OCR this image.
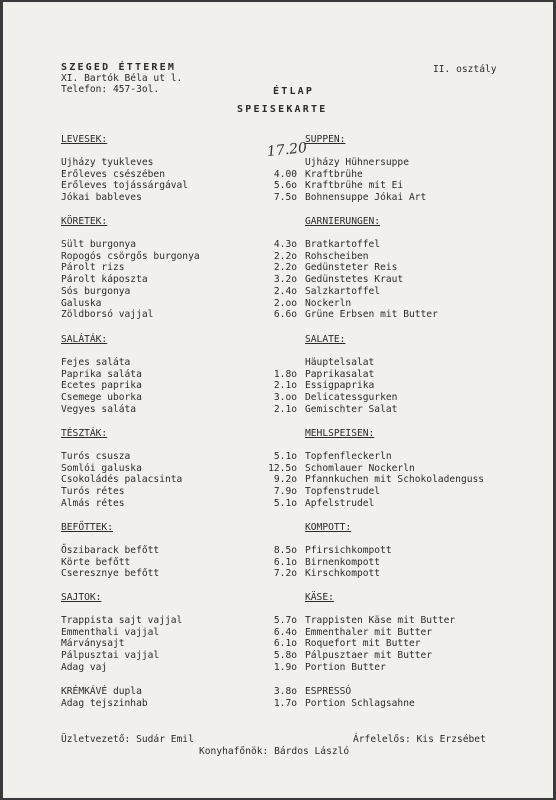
SZEGED ÉTTEREM
XI. Bartók Béla ut l.
Telefon: 457-3ol.
II. osztály
ÉTLAP
SPEISEKARTE
17.20
LEVESEK:	SUPPEN:
Ujházy tyukleves	Ujházy Hühnersuppe
Erőleves csészében	4.00 Kraftbrühe
Erőleves tojássárgával	5.6o Kraftbrühe mit Ei
Jókai bableves	7.5o Bohnensuppe Jókai Art
KÖRETEK:	GARNIERUNGEN:
Sült burgonya	4.3o Bratkartoffel
Ropogós csörgős burgonya	2.2o Rohscheiben
Párolt rizs	2.2o Gedünsteter Reis
Párolt káposzta	3.2o Gedünstetes Kraut
Sós burgonya	2.4o Salzkartoffel
Galuska	2.oo Nockerln
Zöldborsó vajjal	6.6o Grüne Erbsen mit Butter
SALÁTÁK:	SALATE:
Fejes saláta	Häuptelsalat
Paprika saláta	1.8o Paprikasalat
Ecetes paprika	2.1o Essigpaprika
Csemege uborka	3.oo Delicatessgurken
Vegyes saláta	2.1o Gemischter Salat
TÉSZTÁK:	MEHLSPEISEN:
Turós csusza	5.1o Topfenfleckerln
Somlói galuska	12.5o Schomlauer Nockerln
Csokoládés palacsinta	9.2o Pfannkuchen mit Schokoladenguss
Turós rétes	7.9o Topfenstrudel
Almás rétes	5.1o Apfelstrudel
BEFŐTTEK:	KOMPOTT:
Őszibarack befőtt	8.5o Pfirsichkompott
Körte befőtt	6.1o Birnenkompott
Cseresznye befőtt	7.2o Kirschkompott
SAJTOK:	KÄSE:
Trappista sajt vajjal	5.7o Trappisten Käse mit Butter
Emmenthali vajjal	6.4o Emmenthaler mit Butter
Márványsajt	6.1o Roquefort mit Butter
Pálpusztai vajjal	5.8o Pálpusztaer mit Butter
Adag vaj	1.9o Portion Butter
KRÉMKÁVÉ dupla	3.8o ESPRESSÓ
Adag tejszinhab	1.7o Portion Schlagsahne
Üzletvezető: Sudár Emil	Árfelelős: Kis Erzsébet
Konyhafőnök: Bárdos László
